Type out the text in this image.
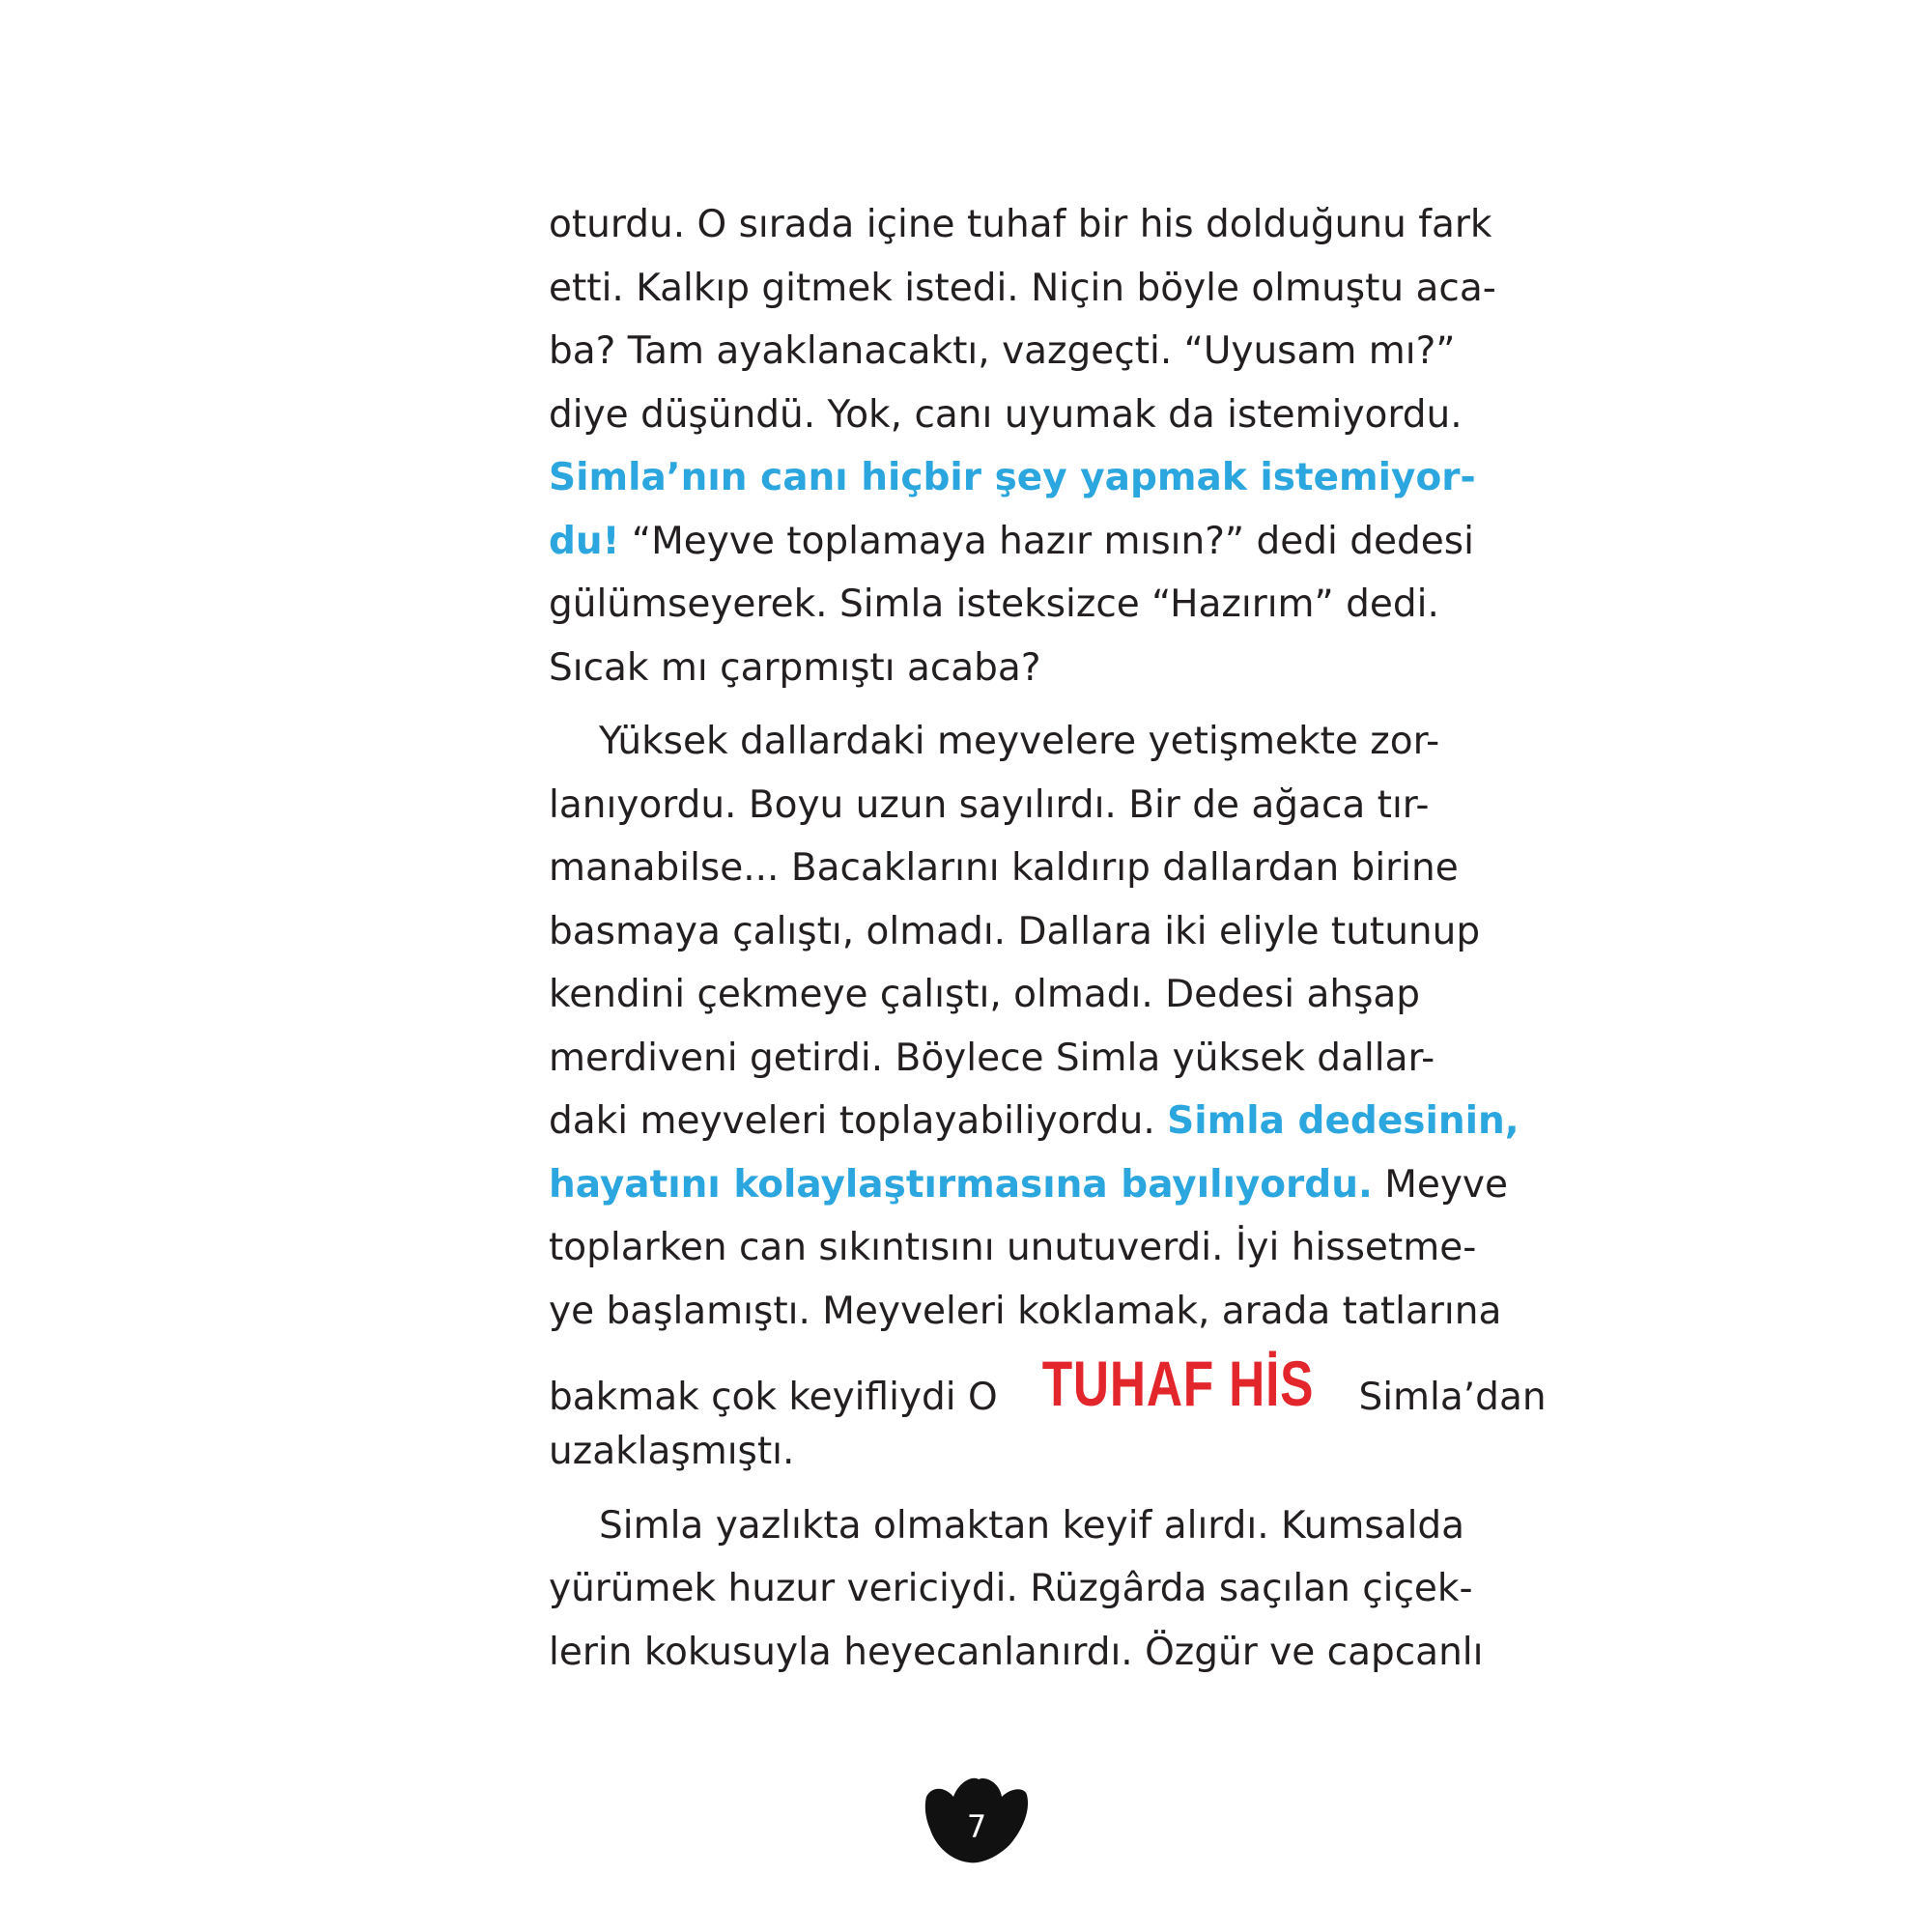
oturdu. O sırada içine tuhaf bir his dolduğunu fark
etti. Kalkıp gitmek istedi. Niçin böyle olmuştu aca-
ba? Tam ayaklanacaktı, vazgeçti. “Uyusam mı?”
diye düşündü. Yok, canı uyumak da istemiyordu.
Simla’nın canı hiçbir şey yapmak istemiyor-
du! “Meyve toplamaya hazır mısın?” dedi dedesi
gülümseyerek. Simla isteksizce “Hazırım” dedi.
Sıcak mı çarpmıştı acaba?
Yüksek dallardaki meyvelere yetişmekte zor-
lanıyordu. Boyu uzun sayılırdı. Bir de ağaca tır-
manabilse... Bacaklarını kaldırıp dallardan birine
basmaya çalıştı, olmadı. Dallara iki eliyle tutunup
kendini çekmeye çalıştı, olmadı. Dedesi ahşap
merdiveni getirdi. Böylece Simla yüksek dallar-
daki meyveleri toplayabiliyordu. Simla dedesinin,
hayatını kolaylaştırmasına bayılıyordu. Meyve
toplarken can sıkıntısını unutuverdi. İyi hissetme-
ye başlamıştı. Meyveleri koklamak, arada tatlarına
bakmak çok keyifliydi O TUHAF HİS Simla’dan
uzaklaşmıştı.
Simla yazlıkta olmaktan keyif alırdı. Kumsalda
yürümek huzur vericiydi. Rüzgârda saçılan çiçek-
lerin kokusuyla heyecanlanırdı. Özgür ve capcanlı
7
